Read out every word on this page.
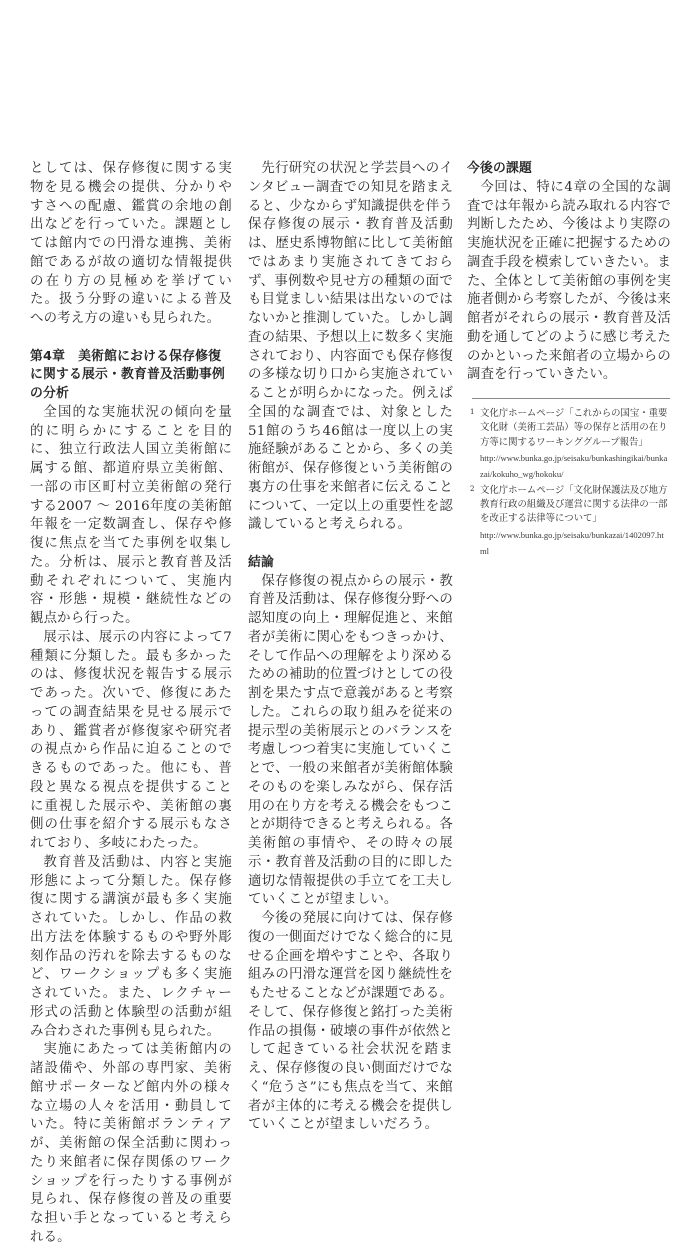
としては、保存修復に関する実物を見る機会の提供、分かりやすさへの配慮、鑑賞の余地の創出などを行っていた。課題としては館内での円滑な連携、美術館であるが故の適切な情報提供の在り方の見極めを挙げていた。扱う分野の違いによる普及への考え方の違いも見られた。

第4章　美術館における保存修復に関する展示・教育普及活動事例の分析

全国的な実施状況の傾向を量的に明らかにすることを目的に、独立行政法人国立美術館に属する館、都道府県立美術館、一部の市区町村立美術館の発行する2007 ～ 2016年度の美術館年報を一定数調査し、保存や修復に焦点を当てた事例を収集した。分析は、展示と教育普及活動それぞれについて、実施内容・形態・規模・継続性などの観点から行った。

展示は、展示の内容によって7種類に分類した。最も多かったのは、修復状況を報告する展示であった。次いで、修復にあたっての調査結果を見せる展示であり、鑑賞者が修復家や研究者の視点から作品に迫ることのできるものであった。他にも、普段と異なる視点を提供することに重視した展示や、美術館の裏側の仕事を紹介する展示もなされており、多岐にわたった。

教育普及活動は、内容と実施形態によって分類した。保存修復に関する講演が最も多く実施されていた。しかし、作品の救出方法を体験するものや野外彫刻作品の汚れを除去するものなど、ワークショップも多く実施されていた。また、レクチャー形式の活動と体験型の活動が組み合わされた事例も見られた。

実施にあたっては美術館内の諸設備や、外部の専門家、美術館サポーターなど館内外の様々な立場の人々を活用・動員していた。特に美術館ボランティアが、美術館の保全活動に関わったり来館者に保存関係のワークショップを行ったりする事例が見られ、保存修復の普及の重要な担い手となっていると考えられる。

先行研究の状況と学芸員へのインタビュー調査での知見を踏まえると、少なからず知識提供を伴う保存修復の展示・教育普及活動は、歴史系博物館に比して美術館ではあまり実施されてきておらず、事例数や見せ方の種類の面でも目覚ましい結果は出ないのではないかと推測していた。しかし調査の結果、予想以上に数多く実施されており、内容面でも保存修復の多様な切り口から実施されていることが明らかになった。例えば全国的な調査では、対象とした51館のうち46館は一度以上の実施経験があることから、多くの美術館が、保存修復という美術館の裏方の仕事を来館者に伝えることについて、一定以上の重要性を認識していると考えられる。

結論

保存修復の視点からの展示・教育普及活動は、保存修復分野への認知度の向上・理解促進と、来館者が美術に関心をもつきっかけ、そして作品への理解をより深めるための補助的位置づけとしての役割を果たす点で意義があると考察した。これらの取り組みを従来の提示型の美術展示とのバランスを考慮しつつ着実に実施していくことで、一般の来館者が美術館体験そのものを楽しみながら、保存活用の在り方を考える機会をもつことが期待できると考えられる。各美術館の事情や、その時々の展示・教育普及活動の目的に即した適切な情報提供の手立てを工夫していくことが望ましい。

今後の発展に向けては、保存修復の一側面だけでなく総合的に見せる企画を増やすことや、各取り組みの円滑な運営を図り継続性をもたせることなどが課題である。そして、保存修復と銘打った美術作品の損傷・破壊の事件が依然として起きている社会状況を踏まえ、保存修復の良い側面だけでなく“危うさ”にも焦点を当て、来館者が主体的に考える機会を提供していくことが望ましいだろう。

今後の課題

今回は、特に4章の全国的な調査では年報から読み取れる内容で判断したため、今後はより実際の実施状況を正確に把握するための調査手段を模索していきたい。また、全体として美術館の事例を実施者側から考察したが、今後は来館者がそれらの展示・教育普及活動を通してどのように感じ考えたのかといった来館者の立場からの調査を行っていきたい。

1 文化庁ホームページ「これからの国宝・重要文化財（美術工芸品）等の保存と活用の在り方等に関するワーキンググループ報告」
http://www.bunka.go.jp/seisaku/bunkashingikai/bunkazai/kokuho_wg/hokoku/
2 文化庁ホームページ「文化財保護法及び地方教育行政の組織及び運営に関する法律の一部を改正する法律等について」
http://www.bunka.go.jp/seisaku/bunkazai/1402097.html
